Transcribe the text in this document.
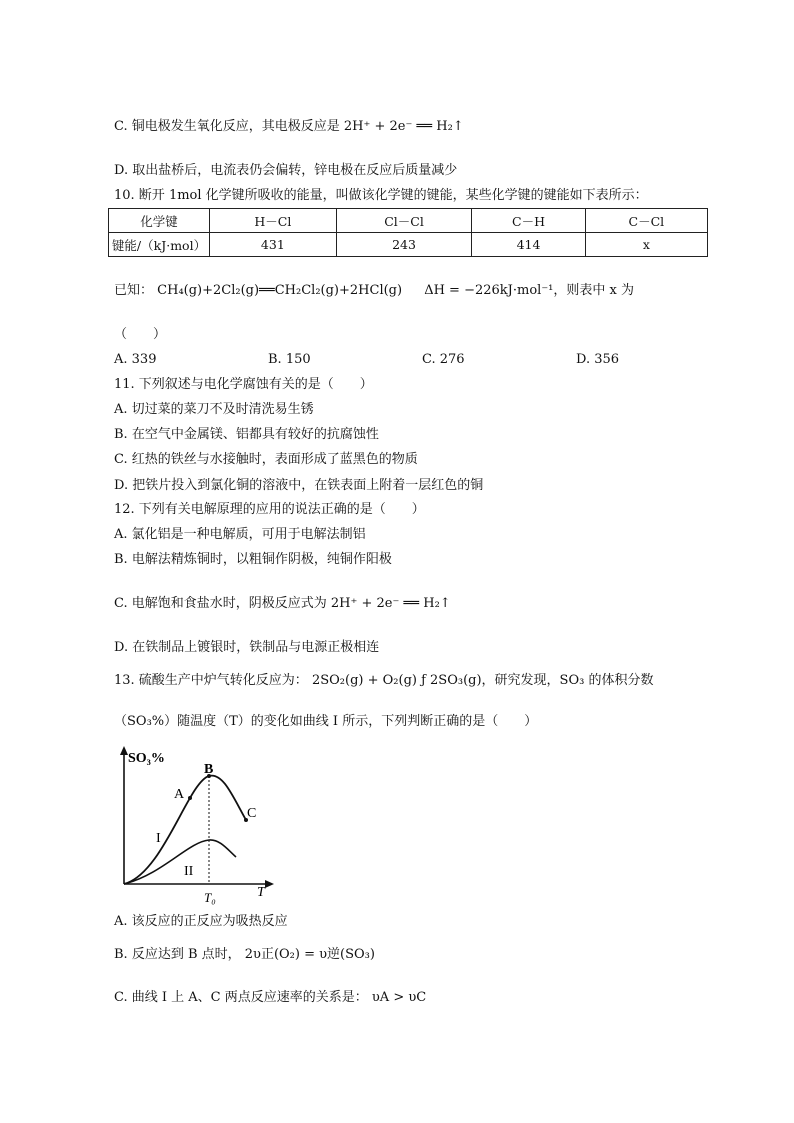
C. 铜电极发生氧化反应，其电极反应是 2H⁺ + 2e⁻ ══ H₂↑
D. 取出盐桥后，电流表仍会偏转，锌电极在反应后质量减少
10. 断开 1mol 化学键所吸收的能量，叫做该化学键的键能，某些化学键的键能如下表所示：
化学键	H－Cl	Cl－Cl	C－H	C－Cl
键能/（kJ·mol）	431	243	414	x
已知： CH₄(g)+2Cl₂(g)══CH₂Cl₂(g)+2HCl(g) ΔH = −226kJ·mol⁻¹，则表中 x 为
（　　）
A. 339	B. 150	C. 276	D. 356
11. 下列叙述与电化学腐蚀有关的是（　　）
A. 切过菜的菜刀不及时清洗易生锈
B. 在空气中金属镁、铝都具有较好的抗腐蚀性
C. 红热的铁丝与水接触时，表面形成了蓝黑色的物质
D. 把铁片投入到氯化铜的溶液中，在铁表面上附着一层红色的铜
12. 下列有关电解原理的应用的说法正确的是（　　）
A. 氯化铝是一种电解质，可用于电解法制铝
B. 电解法精炼铜时，以粗铜作阴极，纯铜作阳极
C. 电解饱和食盐水时，阴极反应式为 2H⁺ + 2e⁻ ══ H₂↑
D. 在铁制品上镀银时，铁制品与电源正极相连
13. 硫酸生产中炉气转化反应为： 2SO₂(g) + O₂(g) ƒ 2SO₃(g)，研究发现，SO₃ 的体积分数
（SO₃%）随温度（T）的变化如曲线 I 所示，下列判断正确的是（　　）
SO₃%
A
B
C
I
II
T₀	T
A. 该反应的正反应为吸热反应
B. 反应达到 B 点时， 2υ正(O₂) = υ逆(SO₃)
C. 曲线 I 上 A、C 两点反应速率的关系是： υA > υC
